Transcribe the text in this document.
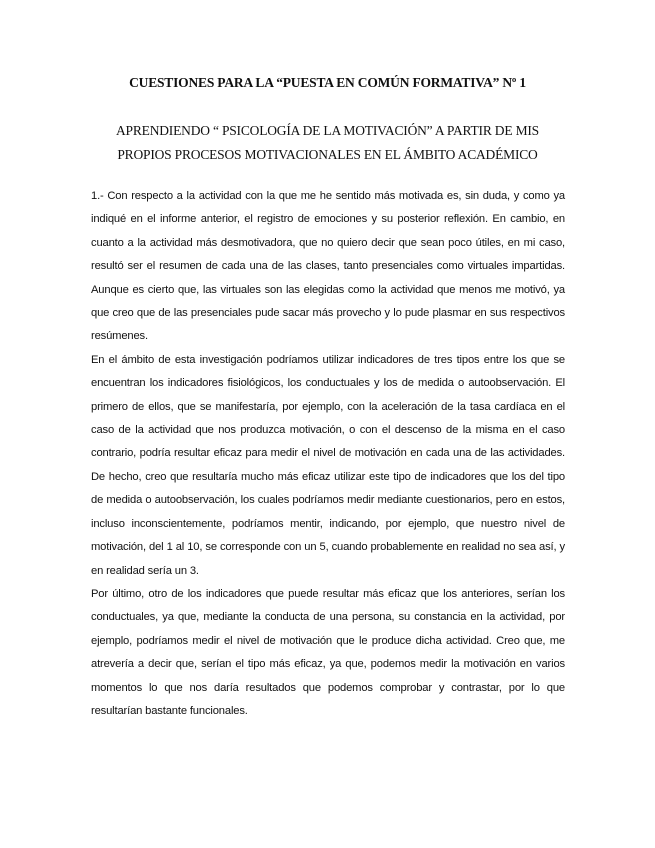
CUESTIONES PARA LA “PUESTA EN COMÚN FORMATIVA” Nº 1
APRENDIENDO “ PSICOLOGÍA DE LA MOTIVACIÓN” A PARTIR DE MIS
PROPIOS PROCESOS MOTIVACIONALES EN EL ÁMBITO ACADÉMICO

1.- Con respecto a la actividad con la que me he sentido más motivada es, sin duda, y como ya indiqué en el informe anterior, el registro de emociones y su posterior reflexión. En cambio, en cuanto a la actividad más desmotivadora, que no quiero decir que sean poco útiles, en mi caso, resultó ser el resumen de cada una de las clases, tanto presenciales como virtuales impartidas. Aunque es cierto que, las virtuales son las elegidas como la actividad que menos me motivó, ya que creo que de las presenciales pude sacar más provecho y lo pude plasmar en sus respectivos resúmenes.

En el ámbito de esta investigación podríamos utilizar indicadores de tres tipos entre los que se encuentran los indicadores fisiológicos, los conductuales y los de medida o autoobservación. El primero de ellos, que se manifestaría, por ejemplo, con la aceleración de la tasa cardíaca en el caso de la actividad que nos produzca motivación, o con el descenso de la misma en el caso contrario, podría resultar eficaz para medir el nivel de motivación en cada una de las actividades. De hecho, creo que resultaría mucho más eficaz utilizar este tipo de indicadores que los del tipo de medida o autoobservación, los cuales podríamos medir mediante cuestionarios, pero en estos, incluso inconscientemente, podríamos mentir, indicando, por ejemplo, que nuestro nivel de motivación, del 1 al 10, se corresponde con un 5, cuando probablemente en realidad no sea así, y en realidad sería un 3.

Por último, otro de los indicadores que puede resultar más eficaz que los anteriores, serían los conductuales, ya que, mediante la conducta de una persona, su constancia en la actividad, por ejemplo, podríamos medir el nivel de motivación que le produce dicha actividad. Creo que, me atrevería a decir que, serían el tipo más eficaz, ya que, podemos medir la motivación en varios momentos lo que nos daría resultados que podemos comprobar y contrastar, por lo que resultarían bastante funcionales.
